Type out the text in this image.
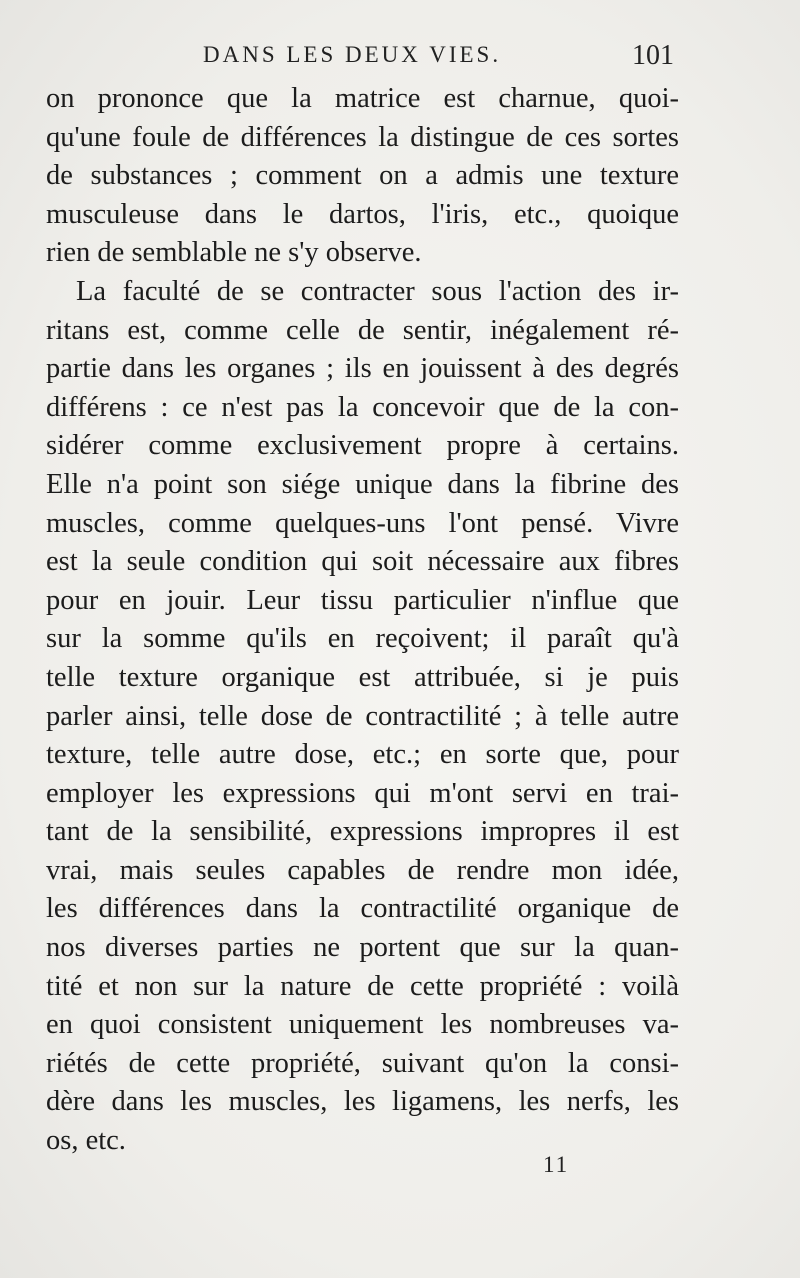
DANS LES DEUX VIES.	101
on prononce que la matrice est charnue, quoi-
qu'une foule de différences la distingue de ces sortes
de substances ; comment on a admis une texture
musculeuse dans le dartos, l'iris, etc., quoique
rien de semblable ne s'y observe.
La faculté de se contracter sous l'action des ir-
ritans est, comme celle de sentir, inégalement ré-
partie dans les organes ; ils en jouissent à des degrés
différens : ce n'est pas la concevoir que de la con-
sidérer comme exclusivement propre à certains.
Elle n'a point son siége unique dans la fibrine des
muscles, comme quelques-uns l'ont pensé. Vivre
est la seule condition qui soit nécessaire aux fibres
pour en jouir. Leur tissu particulier n'influe que
sur la somme qu'ils en reçoivent; il paraît qu'à
telle texture organique est attribuée, si je puis
parler ainsi, telle dose de contractilité ; à telle autre
texture, telle autre dose, etc.; en sorte que, pour
employer les expressions qui m'ont servi en trai-
tant de la sensibilité, expressions impropres il est
vrai, mais seules capables de rendre mon idée,
les différences dans la contractilité organique de
nos diverses parties ne portent que sur la quan-
tité et non sur la nature de cette propriété : voilà
en quoi consistent uniquement les nombreuses va-
riétés de cette propriété, suivant qu'on la consi-
dère dans les muscles, les ligamens, les nerfs, les
os, etc.
11
